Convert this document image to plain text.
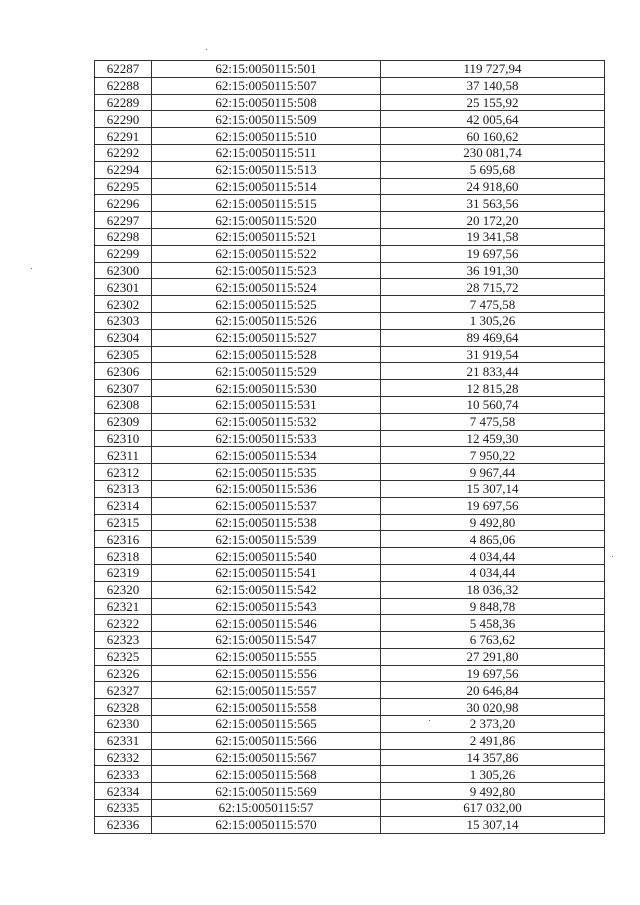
62287	62:15:0050115:501	119 727,94
62288	62:15:0050115:507	37 140,58
62289	62:15:0050115:508	25 155,92
62290	62:15:0050115:509	42 005,64
62291	62:15:0050115:510	60 160,62
62292	62:15:0050115:511	230 081,74
62294	62:15:0050115:513	5 695,68
62295	62:15:0050115:514	24 918,60
62296	62:15:0050115:515	31 563,56
62297	62:15:0050115:520	20 172,20
62298	62:15:0050115:521	19 341,58
62299	62:15:0050115:522	19 697,56
62300	62:15:0050115:523	36 191,30
62301	62:15:0050115:524	28 715,72
62302	62:15:0050115:525	7 475,58
62303	62:15:0050115:526	1 305,26
62304	62:15:0050115:527	89 469,64
62305	62:15:0050115:528	31 919,54
62306	62:15:0050115:529	21 833,44
62307	62:15:0050115:530	12 815,28
62308	62:15:0050115:531	10 560,74
62309	62:15:0050115:532	7 475,58
62310	62:15:0050115:533	12 459,30
62311	62:15:0050115:534	7 950,22
62312	62:15:0050115:535	9 967,44
62313	62:15:0050115:536	15 307,14
62314	62:15:0050115:537	19 697,56
62315	62:15:0050115:538	9 492,80
62316	62:15:0050115:539	4 865,06
62318	62:15:0050115:540	4 034,44
62319	62:15:0050115:541	4 034,44
62320	62:15:0050115:542	18 036,32
62321	62:15:0050115:543	9 848,78
62322	62:15:0050115:546	5 458,36
62323	62:15:0050115:547	6 763,62
62325	62:15:0050115:555	27 291,80
62326	62:15:0050115:556	19 697,56
62327	62:15:0050115:557	20 646,84
62328	62:15:0050115:558	30 020,98
62330	62:15:0050115:565	2 373,20
62331	62:15:0050115:566	2 491,86
62332	62:15:0050115:567	14 357,86
62333	62:15:0050115:568	1 305,26
62334	62:15:0050115:569	9 492,80
62335	62:15:0050115:57	617 032,00
62336	62:15:0050115:570	15 307,14
